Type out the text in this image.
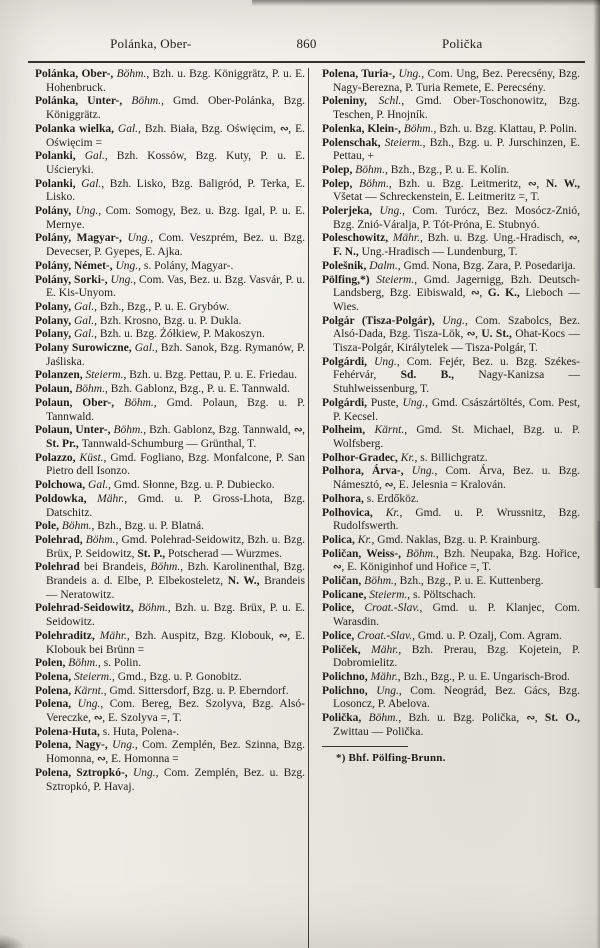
Polánka, Ober-	860	Polička

Polánka, Ober-, Böhm., Bzh. u. Bzg. Königgrätz, P. u. E. Hohenbruck.

Polánka, Unter-, Böhm., Gmd. Ober-Polánka, Bzg. Königgrätz.

Polanka wielka, Gal., Bzh. Biała, Bzg. Oświęcim, ∾, E. Oświęcim =

Polanki, Gal., Bzh. Kossów, Bzg. Kuty, P. u. E. Uścieryki.

Polanki, Gal., Bzh. Lisko, Bzg. Baligród, P. Terka, E. Lisko.

Polány, Ung., Com. Somogy, Bez. u. Bzg. Igal, P. u. E. Mernye.

Polány, Magyar-, Ung., Com. Veszprém, Bez. u. Bzg. Devecser, P. Gyepes, E. Ajka.

Polány, Német-, Ung., s. Polány, Magyar-.

Polány, Sorki-, Ung., Com. Vas, Bez. u. Bzg. Vasvár, P. u. E. Kis-Unyom.

Polany, Gal., Bzh., Bzg., P. u. E. Grybów.

Polany, Gal., Bzh. Krosno, Bzg. u. P. Dukla.

Polany, Gal., Bzh. u. Bzg. Żółkiew, P. Makoszyn.

Polany Surowiczne, Gal., Bzh. Sanok, Bzg. Rymanów, P. Jaśliska.

Polanzen, Steierm., Bzh. u. Bzg. Pettau, P. u. E. Friedau.

Polaun, Böhm., Bzh. Gablonz, Bzg., P. u. E. Tannwald.

Polaun, Ober-, Böhm., Gmd. Polaun, Bzg. u. P. Tannwald.

Polaun, Unter-, Böhm., Bzh. Gablonz, Bzg. Tannwald, ∾, St. Pr., Tannwald-Schumburg — Grünthal, T.

Polazzo, Küst., Gmd. Fogliano, Bzg. Monfalcone, P. San Pietro dell Isonzo.

Polchowa, Gal., Gmd. Słonne, Bzg. u. P. Dubiecko.

Poldowka, Mähr., Gmd. u. P. Gross-Lhota, Bzg. Datschitz.

Pole, Böhm., Bzh., Bzg. u. P. Blatná.

Polehrad, Böhm., Gmd. Polehrad-Seidowitz, Bzh. u. Bzg. Brüx, P. Seidowitz, St. P., Potscherad — Wurzmes.

Polehrad bei Brandeis, Böhm., Bzh. Karolinenthal, Bzg. Brandeis a. d. Elbe, P. Elbekosteletz, N. W., Brandeis — Neratowitz.

Polehrad-Seidowitz, Böhm., Bzh. u. Bzg. Brüx, P. u. E. Seidowitz.

Polehraditz, Mähr., Bzh. Auspitz, Bzg. Klobouk, ∾, E. Klobouk bei Brünn =

Polen, Böhm., s. Polin.

Polena, Steierm., Gmd., Bzg. u. P. Gonobitz.

Polena, Kärnt., Gmd. Sittersdorf, Bzg. u. P. Eberndorf.

Polena, Ung., Com. Bereg, Bez. Szolyva, Bzg. Alsó-Vereczke, ∾, E. Szolyva =, T.

Polena-Huta, s. Huta, Polena-.

Polena, Nagy-, Ung., Com. Zemplén, Bez. Szinna, Bzg. Homonna, ∾, E. Homonna =

Polena, Sztropkó-, Ung., Com. Zemplén, Bez. u. Bzg. Sztropkó, P. Havaj.

Polena, Turia-, Ung., Com. Ung, Bez. Perecsény, Bzg. Nagy-Berezna, P. Turia Remete, E. Perecsény.

Poleniny, Schl., Gmd. Ober-Toschonowitz, Bzg. Teschen, P. Hnojník.

Polenka, Klein-, Böhm., Bzh. u. Bzg. Klattau, P. Polin.

Polenschak, Steierm., Bzh., Bzg. u. P. Jurschinzen, E. Pettau, +

Polep, Böhm., Bzh., Bzg., P. u. E. Kolin.

Polep, Böhm., Bzh. u. Bzg. Leitmeritz, ∾, N. W., Všetat — Schreckenstein, E. Leitmeritz =, T.

Polerjeka, Ung., Com. Turócz, Bez. Mosócz-Znió, Bzg. Znió-Váralja, P. Tót-Próna, E. Stubnyó.

Poleschowitz, Mähr., Bzh. u. Bzg. Ung.-Hradisch, ∾, F. N., Ung.-Hradisch — Lundenburg, T.

Polešnik, Dalm., Gmd. Nona, Bzg. Zara, P. Posedarija.

Pölfing,*) Steierm., Gmd. Jagernigg, Bzh. Deutsch-Landsberg, Bzg. Eibiswald, ∾, G. K., Lieboch — Wies.

Polgár (Tisza-Polgár), Ung., Com. Szabolcs, Bez. Alsó-Dada, Bzg. Tisza-Lök, ∾, U. St., Ohat-Kocs — Tisza-Polgár, Királytelek — Tisza-Polgár, T.

Polgárdi, Ung., Com. Fejér, Bez. u. Bzg. Székes-Fehérvár, Sd. B., Nagy-Kanizsa — Stuhlweissenburg, T.

Polgárdi, Puste, Ung., Gmd. Császártöltés, Com. Pest, P. Kecsel.

Polheim, Kärnt., Gmd. St. Michael, Bzg. u. P. Wolfsberg.

Polhor-Gradec, Kr., s. Billichgratz.

Polhora, Árva-, Ung., Com. Árva, Bez. u. Bzg. Námesztó, ∾, E. Jelesnia = Kralován.

Polhora, s. Erdőköz.

Polhovica, Kr., Gmd. u. P. Wrussnitz, Bzg. Rudolfswerth.

Polica, Kr., Gmd. Naklas, Bzg. u. P. Krainburg.

Poličan, Weiss-, Böhm., Bzh. Neupaka, Bzg. Hořice, ∾, E. Königinhof und Hořice =, T.

Poličan, Böhm., Bzh., Bzg., P. u. E. Kuttenberg.

Policane, Steierm., s. Pöltschach.

Police, Croat.-Slav., Gmd. u. P. Klanjec, Com. Warasdin.

Police, Croat.-Slav., Gmd. u. P. Ozalj, Com. Agram.

Poliček, Mähr., Bzh. Prerau, Bzg. Kojetein, P. Dobromielitz.

Polichno, Mähr., Bzh., Bzg., P. u. E. Ungarisch-Brod.

Polichno, Ung., Com. Neográd, Bez. Gács, Bzg. Losoncz, P. Abelova.

Polička, Böhm., Bzh. u. Bzg. Polička, ∾, St. O., Zwittau — Polička.

*) Bhf. Pölfing-Brunn.
